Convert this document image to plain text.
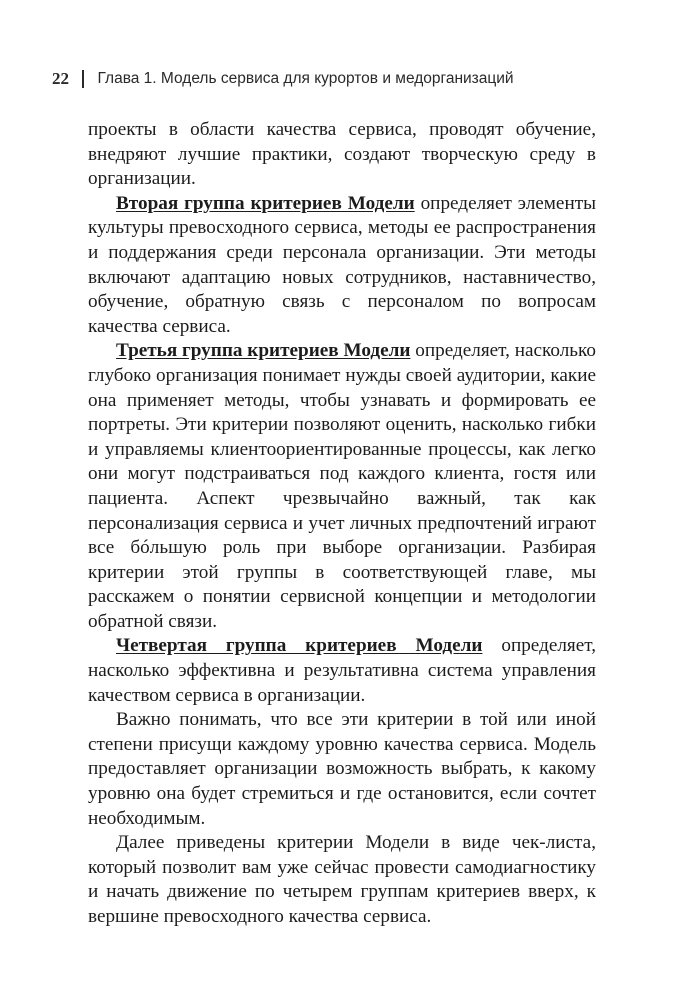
22 Глава 1. Модель сервиса для курортов и медорганизаций

проекты в области качества сервиса, проводят обучение, внедряют лучшие практики, создают творческую среду в организации.

Вторая группа критериев Модели определяет элементы культуры превосходного сервиса, методы ее распространения и поддержания среди персонала организации. Эти методы включают адаптацию новых сотрудников, наставничество, обучение, обратную связь с персоналом по вопросам качества сервиса.

Третья группа критериев Модели определяет, насколько глубоко организация понимает нужды своей аудитории, какие она применяет методы, чтобы узнавать и формировать ее портреты. Эти критерии позволяют оценить, насколько гибки и управляемы клиентоориентированные процессы, как легко они могут подстраиваться под каждого клиента, гостя или пациента. Аспект чрезвычайно важный, так как персонализация сервиса и учет личных предпочтений играют все бóльшую роль при выборе организации. Разбирая критерии этой группы в соответствующей главе, мы расскажем о понятии сервисной концепции и методологии обратной связи.

Четвертая группа критериев Модели определяет, насколько эффективна и результативна система управления качеством сервиса в организации.

Важно понимать, что все эти критерии в той или иной степени присущи каждому уровню качества сервиса. Модель предоставляет организации возможность выбрать, к какому уровню она будет стремиться и где остановится, если сочтет необходимым.

Далее приведены критерии Модели в виде чек-листа, который позволит вам уже сейчас провести самодиагностику и начать движение по четырем группам критериев вверх, к вершине превосходного качества сервиса.
